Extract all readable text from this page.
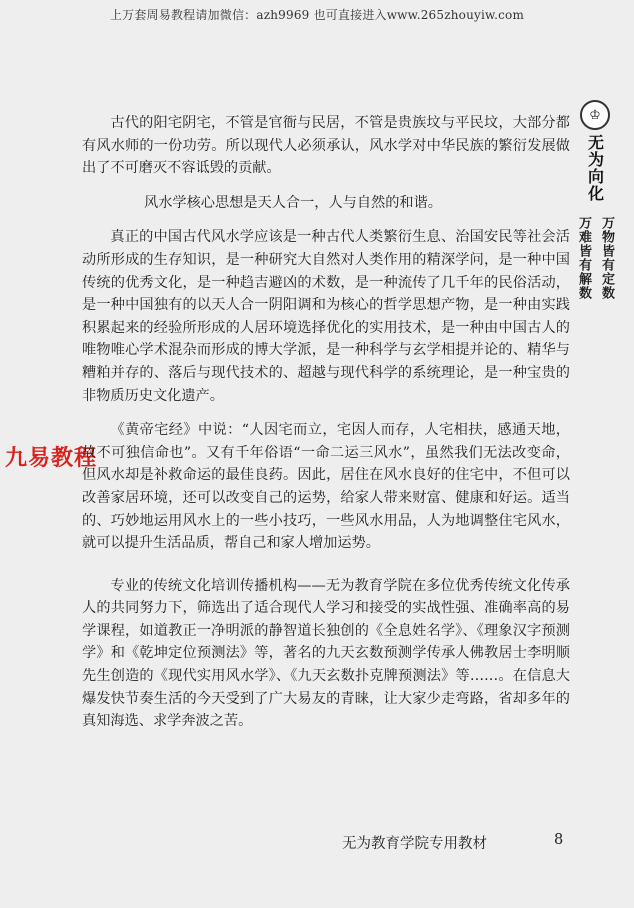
上万套周易教程请加微信：azh9969 也可直接进入www.265zhouyiw.com
♔
无为向化
万物皆有定数
万难皆有解数
九易教程

古代的阳宅阴宅，不管是官衙与民居，不管是贵族坟与平民坟，大部分都有风水师的一份功劳。所以现代人必须承认，风水学对中华民族的繁衍发展做出了不可磨灭不容诋毁的贡献。

风水学核心思想是天人合一，人与自然的和谐。

真正的中国古代风水学应该是一种古代人类繁衍生息、治国安民等社会活动所形成的生存知识，是一种研究大自然对人类作用的精深学问，是一种中国传统的优秀文化，是一种趋吉避凶的术数，是一种流传了几千年的民俗活动，是一种中国独有的以天人合一阴阳调和为核心的哲学思想产物，是一种由实践积累起来的经验所形成的人居环境选择优化的实用技术，是一种由中国古人的唯物唯心学术混杂而形成的博大学派，是一种科学与玄学相提并论的、精华与糟粕并存的、落后与现代技术的、超越与现代科学的系统理论，是一种宝贵的非物质历史文化遗产。

《黄帝宅经》中说：“人因宅而立，宅因人而存，人宅相扶，感通天地，故不可独信命也”。又有千年俗语“一命二运三风水”，虽然我们无法改变命，但风水却是补救命运的最佳良药。因此，居住在风水良好的住宅中，不但可以改善家居环境，还可以改变自己的运势，给家人带来财富、健康和好运。适当的、巧妙地运用风水上的一些小技巧，一些风水用品，人为地调整住宅风水，就可以提升生活品质，帮自己和家人增加运势。

专业的传统文化培训传播机构——无为教育学院在多位优秀传统文化传承人的共同努力下，筛选出了适合现代人学习和接受的实战性强、准确率高的易学课程，如道教正一净明派的静智道长独创的《全息姓名学》、《理象汉字预测学》和《乾坤定位预测法》等，著名的九天玄数预测学传承人佛教居士李明顺先生创造的《现代实用风水学》、《九天玄数扑克牌预测法》等……。在信息大爆发快节奏生活的今天受到了广大易友的青睐，让大家少走弯路，省却多年的真知海选、求学奔波之苦。

无为教育学院专用教材	8
